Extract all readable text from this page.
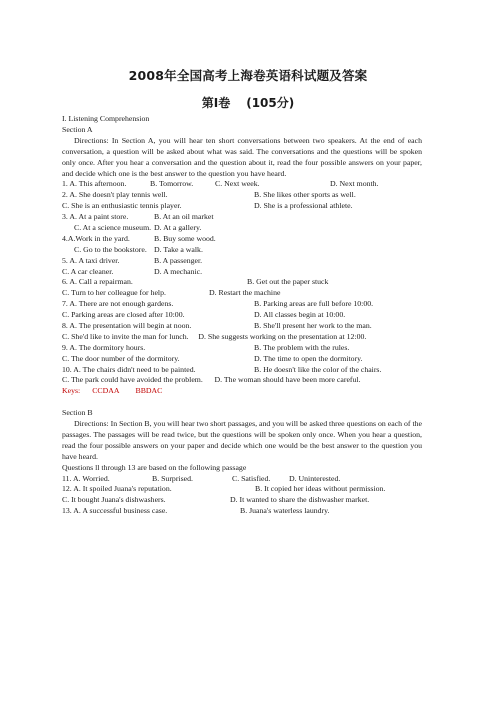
2008年全国高考上海卷英语科试题及答案
第I卷 (105分)
I. Listening Comprehension
Section A
Directions: In Section A, you will hear ten short conversations between two speakers. At the end of each conversation, a question will be asked about what was said. The conversations and the questions will be spoken only once. After you hear a conversation and the question about it, read the four possible answers on your paper, and decide which one is the best answer to the question you have heard.
1. A. This afternoon.	B. Tomorrow.	C. Next week.	D. Next month.
2. A. She doesn't play tennis well.	B. She likes other sports as well.
C. She is an enthusiastic tennis player.	D. She is a professional athlete.
3. A. At a paint store.	B. At an oil market
C. At a science museum. D. At a gallery.
4.A.Work in the yard.	B. Buy some wood.
C. Go to the bookstore. D. Take a walk.
5. A. A taxi driver.	B. A passenger.
C. A car cleaner.	D. A mechanic.
6. A. Call a repairman.	B. Get out the paper stuck
C. Turn to her colleague for help.	D. Restart the machine
7. A. There are not enough gardens.	B. Parking areas are full before 10:00.
C. Parking areas are closed after 10:00.	D. All classes begin at 10:00.
8. A. The presentation will begin at noon.	B. She'll present her work to the man.
C. She'd like to invite the man for lunch. D. She suggests working on the presentation at 12:00.
9. A. The dormitory hours.	B. The problem with the rules.
C. The door number of the dormitory.	D. The time to open the dormitory.
10. A. The chairs didn't need to be painted.	B. He doesn't like the color of the chairs.
C. The park could have avoided the problem. D. The woman should have been more careful.
Keys: CCDAA BBDAC
Section B
Directions: In Section B, you will hear two short passages, and you will be asked three questions on each of the passages. The passages will be read twice, but the questions will be spoken only once. When you hear a question, read the four possible answers on your paper and decide which one would be the best answer to the question you have heard.
Questions ll through 13 are based on the following passage
11. A. Worried.	B. Surprised.	C. Satisfied.	D. Uninterested.
12. A. It spoiled Juana's reputation.	B. It copied her ideas without permission.
C. It bought Juana's dishwashers.	D. It wanted to share the dishwasher market.
13. A. A successful business case.	B. Juana's waterless laundry.
